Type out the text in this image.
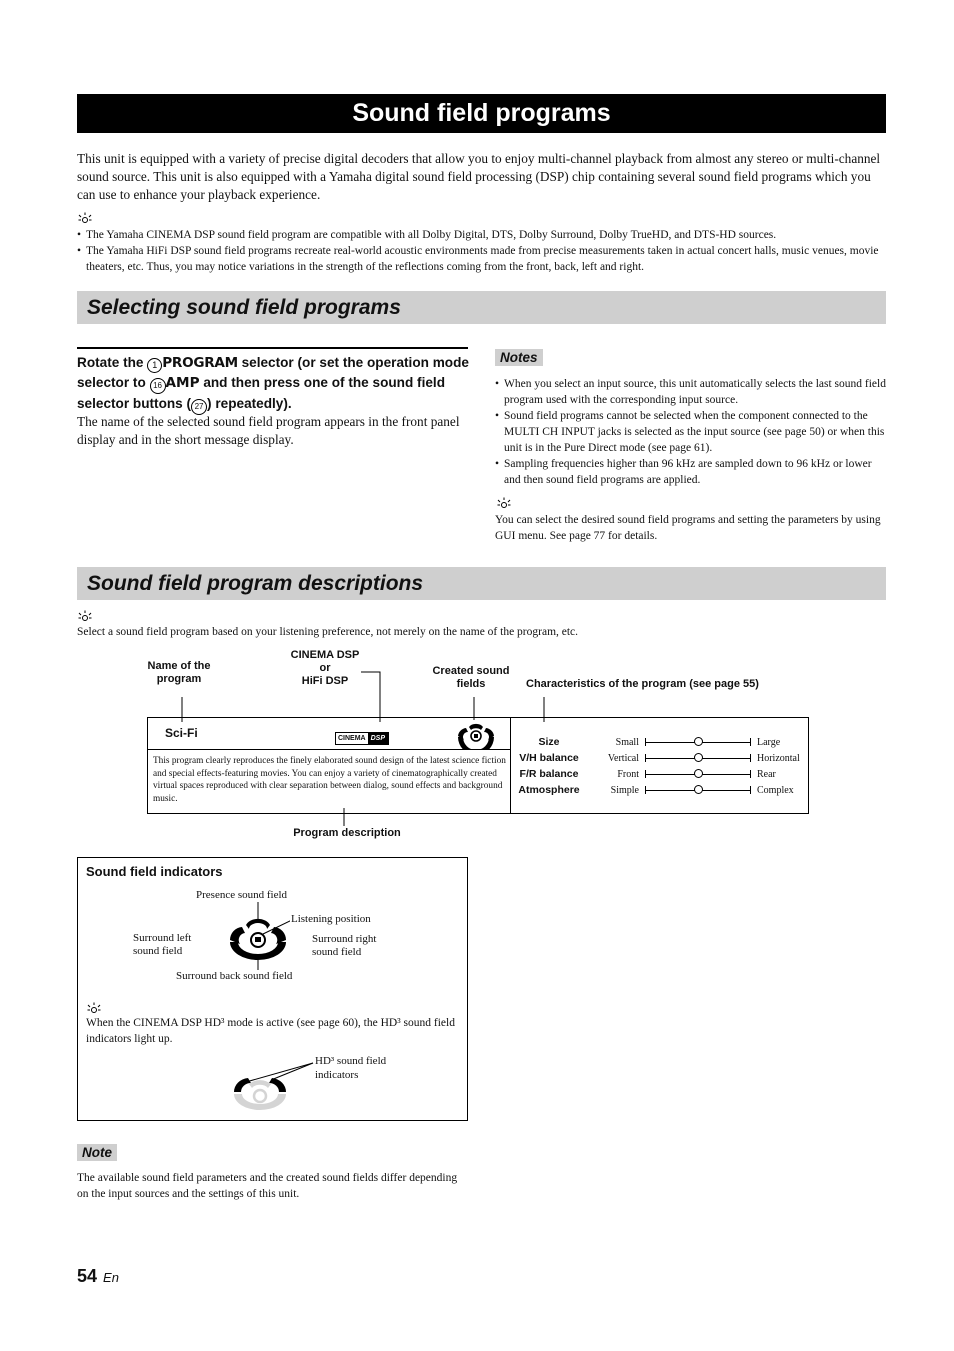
Sound field programs
This unit is equipped with a variety of precise digital decoders that allow you to enjoy multi-channel playback from almost any stereo or multi-channel sound source. This unit is also equipped with a Yamaha digital sound field processing (DSP) chip containing several sound field programs which you can use to enhance your playback experience.
• The Yamaha CINEMA DSP sound field program are compatible with all Dolby Digital, DTS, Dolby Surround, Dolby TrueHD, and DTS-HD sources.
• The Yamaha HiFi DSP sound field programs recreate real-world acoustic environments made from precise measurements taken in actual concert halls, music venues, movie theaters, etc. Thus, you may notice variations in the strength of the reflections coming from the front, back, left and right.
Selecting sound field programs
Rotate the 1 PROGRAM selector (or set the operation mode selector to 16 AMP and then press one of the sound field selector buttons ( 27 ) repeatedly).
The name of the selected sound field program appears in the front panel display and in the short message display.
Notes
• When you select an input source, this unit automatically selects the last sound field program used with the corresponding input source.
• Sound field programs cannot be selected when the component connected to the MULTI CH INPUT jacks is selected as the input source (see page 50) or when this unit is in the Pure Direct mode (see page 61).
• Sampling frequencies higher than 96 kHz are sampled down to 96 kHz or lower and then sound field programs are applied.
You can select the desired sound field programs and setting the parameters by using GUI menu. See page 77 for details.
Sound field program descriptions
Select a sound field program based on your listening preference, not merely on the name of the program, etc.
Name of the program
CINEMA DSP
or
HiFi DSP
Created sound fields	Characteristics of the program (see page 55)
Sci-Fi	CINEMA DSP
This program clearly reproduces the finely elaborated sound design of the latest science fiction and special effects-featuring movies. You can enjoy a variety of cinematographically created virtual spaces reproduced with clear separation between dialog, sound effects and background music.
Size	Small	Large
V/H balance	Vertical	Horizontal
F/R balance	Front	Rear
Atmosphere	Simple	Complex
Program description
Sound field indicators
Presence sound field
Listening position
Surround left sound field
Surround right sound field
Surround back sound field
When the CINEMA DSP HD³ mode is active (see page 60), the HD³ sound field indicators light up.
HD³ sound field indicators
Note
The available sound field parameters and the created sound fields differ depending on the input sources and the settings of this unit.
54 En
